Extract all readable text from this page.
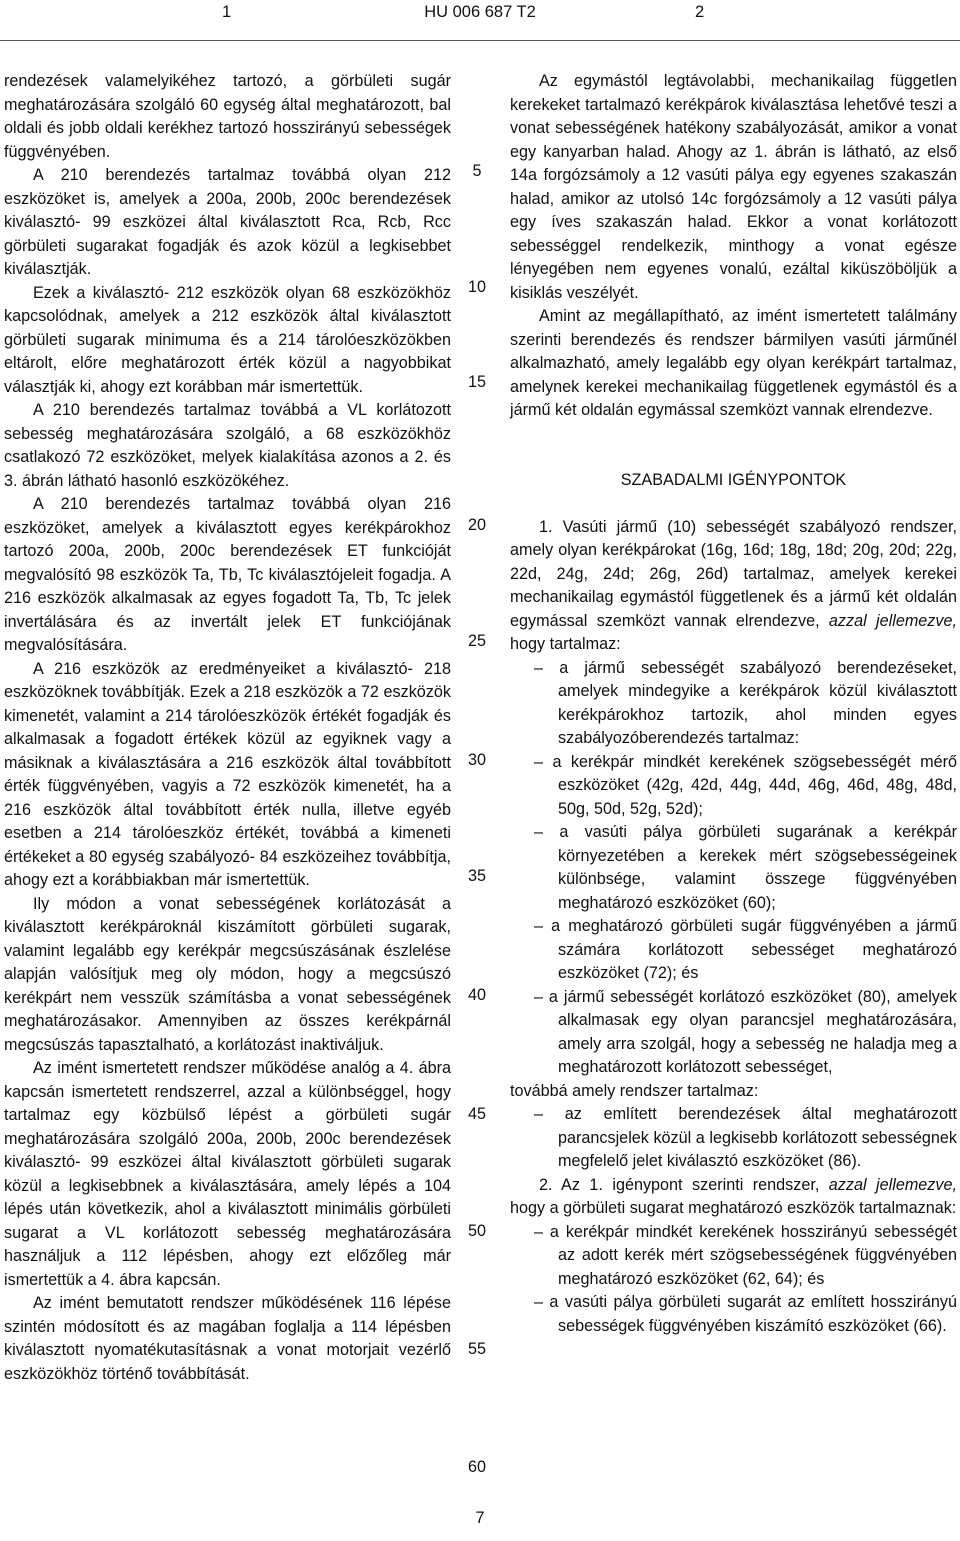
1	HU 006 687 T2	2

rendezések valamelyikéhez tartozó, a görbületi sugár meghatározására szolgáló 60 egység által meghatározott, bal oldali és jobb oldali kerékhez tartozó hosszirányú sebességek függvényében.

A 210 berendezés tartalmaz továbbá olyan 212 eszközöket is, amelyek a 200a, 200b, 200c berendezések kiválasztó- 99 eszközei által kiválasztott Rca, Rcb, Rcc görbületi sugarakat fogadják és azok közül a legkisebbet kiválasztják.

Ezek a kiválasztó- 212 eszközök olyan 68 eszközökhöz kapcsolódnak, amelyek a 212 eszközök által kiválasztott görbületi sugarak minimuma és a 214 tárolóeszközökben eltárolt, előre meghatározott érték közül a nagyobbikat választják ki, ahogy ezt korábban már ismertettük.

A 210 berendezés tartalmaz továbbá a VL korlátozott sebesség meghatározására szolgáló, a 68 eszközökhöz csatlakozó 72 eszközöket, melyek kialakítása azonos a 2. és 3. ábrán látható hasonló eszközökéhez.

A 210 berendezés tartalmaz továbbá olyan 216 eszközöket, amelyek a kiválasztott egyes kerékpárokhoz tartozó 200a, 200b, 200c berendezések ET funkcióját megvalósító 98 eszközök Ta, Tb, Tc kiválasztójeleit fogadja. A 216 eszközök alkalmasak az egyes fogadott Ta, Tb, Tc jelek invertálására és az invertált jelek ET funkciójának megvalósítására.

A 216 eszközök az eredményeiket a kiválasztó- 218 eszközöknek továbbítják. Ezek a 218 eszközök a 72 eszközök kimenetét, valamint a 214 tárolóeszközök értékét fogadják és alkalmasak a fogadott értékek közül az egyiknek vagy a másiknak a kiválasztására a 216 eszközök által továbbított érték függvényében, vagyis a 72 eszközök kimenetét, ha a 216 eszközök által továbbított érték nulla, illetve egyéb esetben a 214 tárolóeszköz értékét, továbbá a kimeneti értékeket a 80 egység szabályozó- 84 eszközeihez továbbítja, ahogy ezt a korábbiakban már ismertettük.

Ily módon a vonat sebességének korlátozását a kiválasztott kerékpároknál kiszámított görbületi sugarak, valamint legalább egy kerékpár megcsúszásának észlelése alapján valósítjuk meg oly módon, hogy a megcsúszó kerékpárt nem vesszük számításba a vonat sebességének meghatározásakor. Amennyiben az összes kerékpárnál megcsúszás tapasztalható, a korlátozást inaktiváljuk.

Az imént ismertetett rendszer működése analóg a 4. ábra kapcsán ismertetett rendszerrel, azzal a különbséggel, hogy tartalmaz egy közbülső lépést a görbületi sugár meghatározására szolgáló 200a, 200b, 200c berendezések kiválasztó- 99 eszközei által kiválasztott görbületi sugarak közül a legkisebbnek a kiválasztására, amely lépés a 104 lépés után következik, ahol a kiválasztott minimális görbületi sugarat a VL korlátozott sebesség meghatározására használjuk a 112 lépésben, ahogy ezt előzőleg már ismertettük a 4. ábra kapcsán.

Az imént bemutatott rendszer működésének 116 lépése szintén módosított és az magában foglalja a 114 lépésben kiválasztott nyomatékutasításnak a vonat motorjait vezérlő eszközökhöz történő továbbítását.

5
10
15
20
25
30
35
40
45
50
55
60

Az egymástól legtávolabbi, mechanikailag független kerekeket tartalmazó kerékpárok kiválasztása lehetővé teszi a vonat sebességének hatékony szabályozását, amikor a vonat egy kanyarban halad. Ahogy az 1. ábrán is látható, az első 14a forgózsámoly a 12 vasúti pálya egy egyenes szakaszán halad, amikor az utolsó 14c forgózsámoly a 12 vasúti pálya egy íves szakaszán halad. Ekkor a vonat korlátozott sebességgel rendelkezik, minthogy a vonat egésze lényegében nem egyenes vonalú, ezáltal kiküszöböljük a kisiklás veszélyét.

Amint az megállapítható, az imént ismertetett találmány szerinti berendezés és rendszer bármilyen vasúti járműnél alkalmazható, amely legalább egy olyan kerékpárt tartalmaz, amelynek kerekei mechanikailag függetlenek egymástól és a jármű két oldalán egymással szemközt vannak elrendezve.

SZABADALMI IGÉNYPONTOK

1. Vasúti jármű (10) sebességét szabályozó rendszer, amely olyan kerékpárokat (16g, 16d; 18g, 18d; 20g, 20d; 22g, 22d, 24g, 24d; 26g, 26d) tartalmaz, amelyek kerekei mechanikailag egymástól függetlenek és a jármű két oldalán egymással szemközt vannak elrendezve, azzal jellemezve, hogy tartalmaz:

– a jármű sebességét szabályozó berendezéseket, amelyek mindegyike a kerékpárok közül kiválasztott kerékpárokhoz tartozik, ahol minden egyes szabályozóberendezés tartalmaz:

– a kerékpár mindkét kerekének szögsebességét mérő eszközöket (42g, 42d, 44g, 44d, 46g, 46d, 48g, 48d, 50g, 50d, 52g, 52d);

– a vasúti pálya görbületi sugarának a kerékpár környezetében a kerekek mért szögsebességeinek különbsége, valamint összege függvényében meghatározó eszközöket (60);

– a meghatározó görbületi sugár függvényében a jármű számára korlátozott sebességet meghatározó eszközöket (72); és

– a jármű sebességét korlátozó eszközöket (80), amelyek alkalmasak egy olyan parancsjel meghatározására, amely arra szolgál, hogy a sebesség ne haladja meg a meghatározott korlátozott sebességet,

továbbá amely rendszer tartalmaz:

– az említett berendezések által meghatározott parancsjelek közül a legkisebb korlátozott sebességnek megfelelő jelet kiválasztó eszközöket (86).

2. Az 1. igénypont szerinti rendszer, azzal jellemezve, hogy a görbületi sugarat meghatározó eszközök tartalmaznak:

– a kerékpár mindkét kerekének hosszirányú sebességét az adott kerék mért szögsebességének függvényében meghatározó eszközöket (62, 64); és

– a vasúti pálya görbületi sugarát az említett hosszirányú sebességek függvényében kiszámító eszközöket (66).

7
